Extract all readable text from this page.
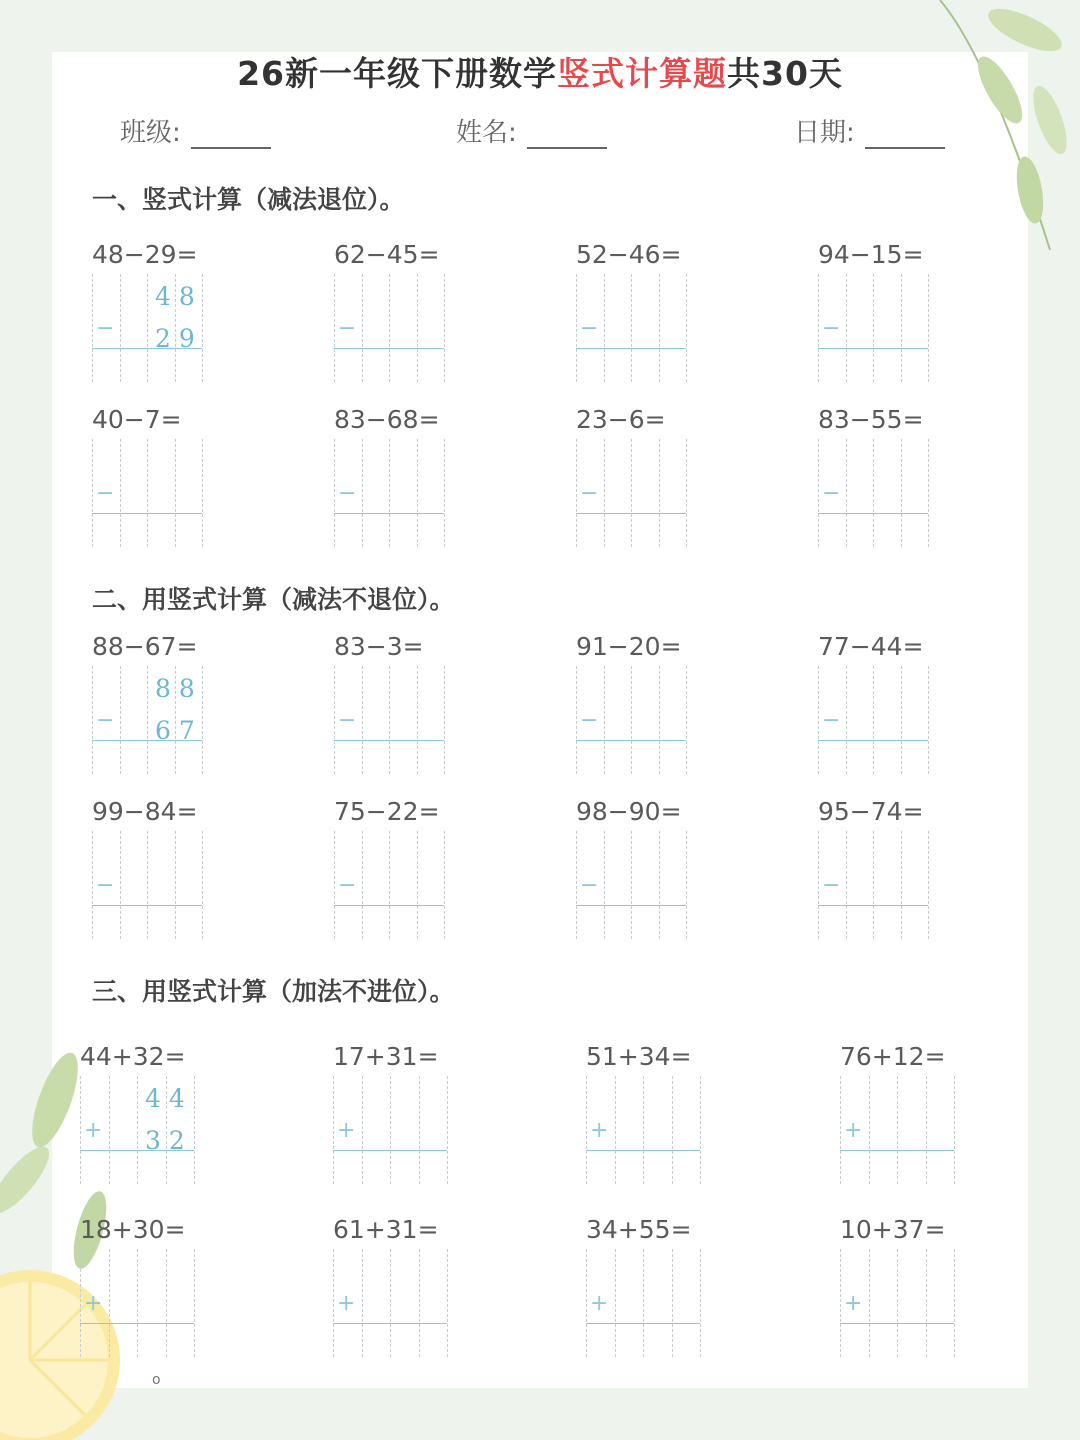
26新一年级下册数学竖式计算题共30天
班级:	姓名:	日期:
一、竖式计算（减法退位）。
二、用竖式计算（减法不退位）。
三、用竖式计算（加法不进位）。
48−29=
−
4 8
2 9
62−45=
−
52−46=
−
94−15=
−
40−7=
−
83−68=
−
23−6=
−
83−55=
−
88−67=
−
8 8
6 7
83−3=
−
91−20=
−
77−44=
−
99−84=
−
75−22=
−
98−90=
−
95−74=
−
44+32=
+
4 4
3 2
17+31=
+
51+34=
+
76+12=
+
18+30=
+
61+31=
+
34+55=
+
10+37=
+
o
